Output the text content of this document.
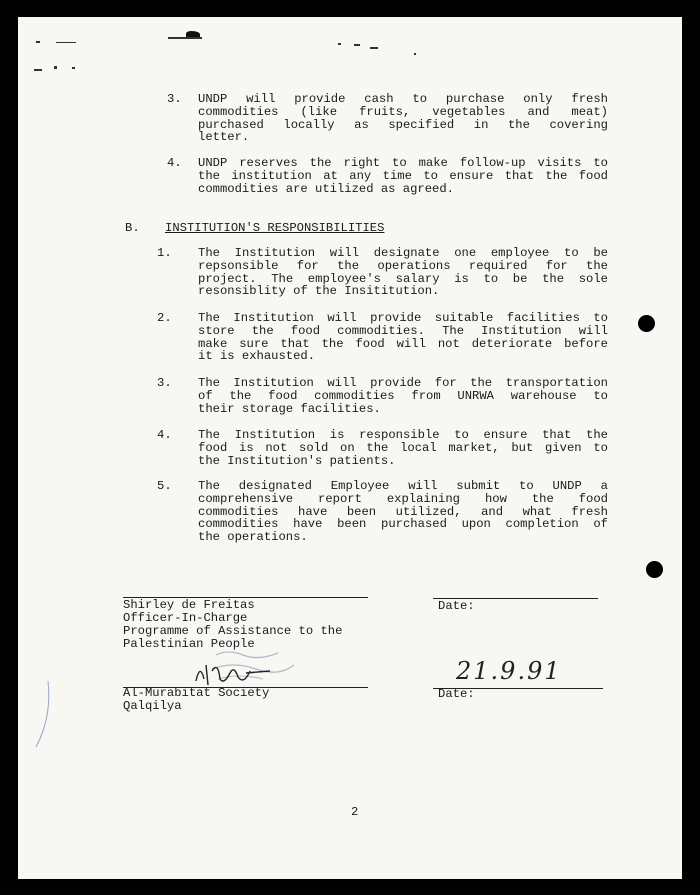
3. UNDP will provide cash to purchase only fresh
commodities (like fruits, vegetables and meat)
purchased locally as specified in the covering
letter.
4. UNDP reserves the right to make follow-up visits to
the institution at any time to ensure that the food
commodities are utilized as agreed.
B. INSTITUTION'S RESPONSIBILITIES
1. The Institution will designate one employee to be
repsonsible for the operations required for the
project. The employee's salary is to be the sole
resonsiblity of the Insititution.
2. The Institution will provide suitable facilities to
store the food commodities. The Institution will
make sure that the food will not deteriorate before
it is exhausted.
3. The Institution will provide for the transportation
of the food commodities from UNRWA warehouse to
their storage facilities.
4. The Institution is responsible to ensure that the
food is not sold on the local market, but given to
the Institution's patients.
5. The designated Employee will submit to UNDP a
comprehensive report explaining how the food
commodities have been utilized, and what fresh
commodities have been purchased upon completion of
the operations.
Shirley de Freitas
Officer-In-Charge
Programme of Assistance to the
Palestinian People
Date:
Al-Murabitat Society
Qalqilya
Date:
21.9.91
2
